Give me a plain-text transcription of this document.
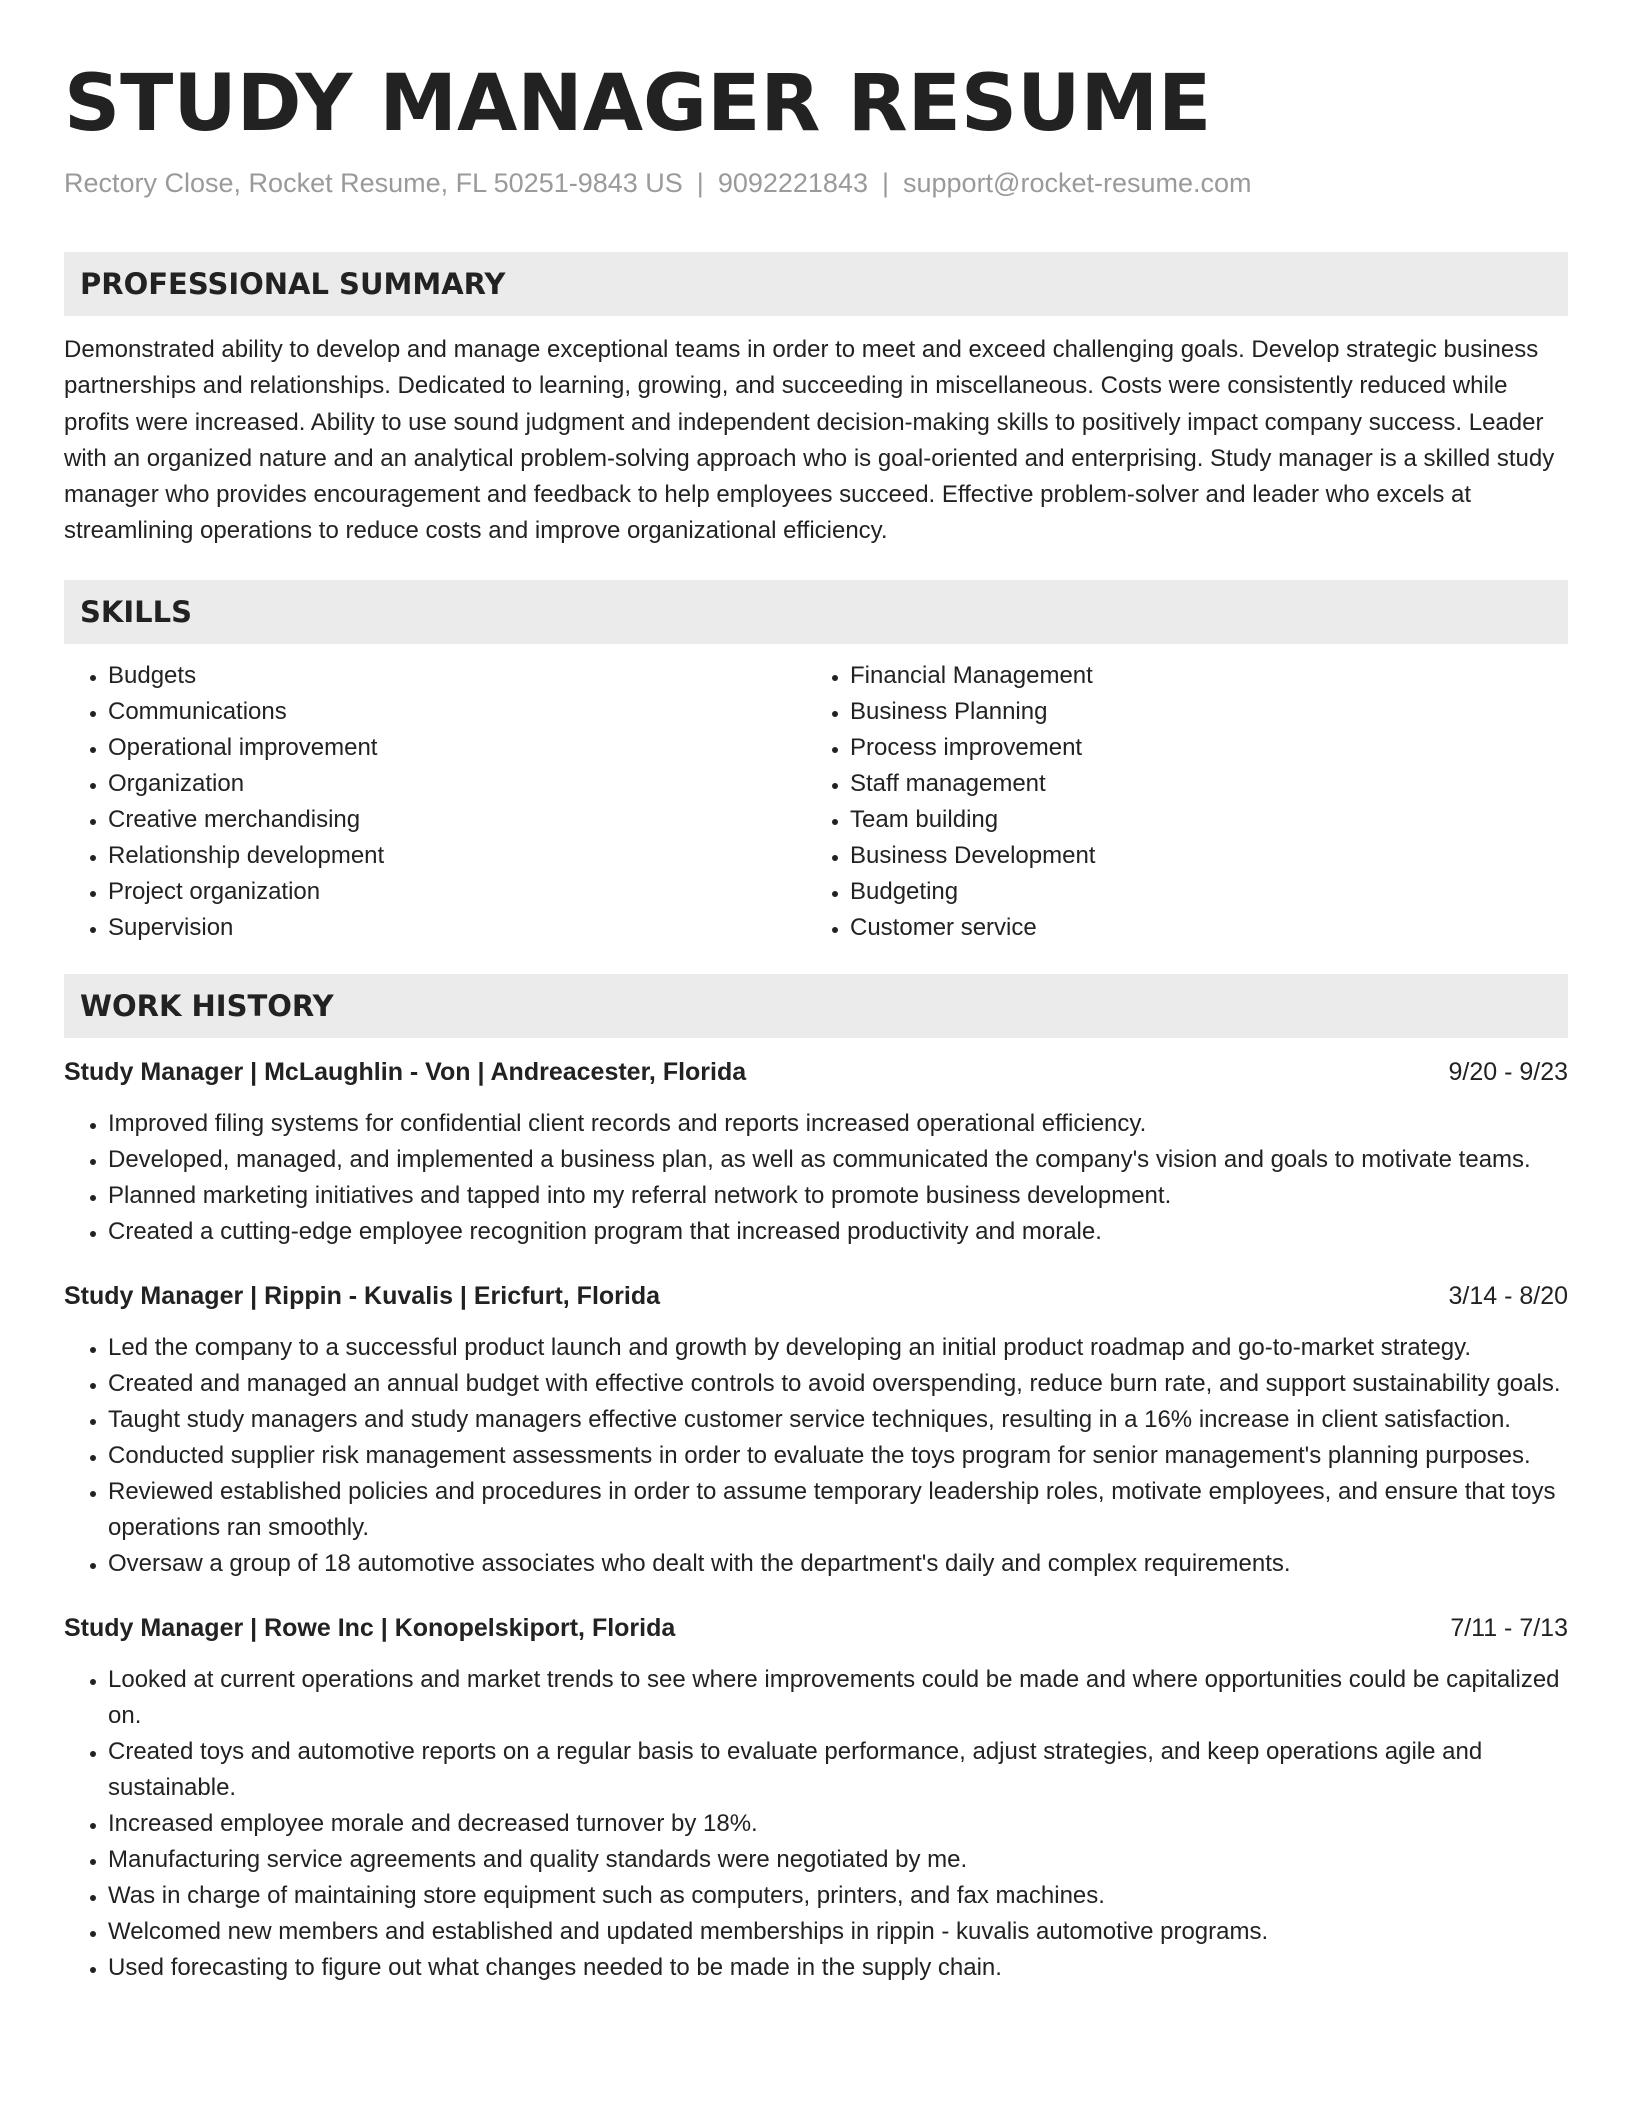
STUDY MANAGER RESUME
Rectory Close, Rocket Resume, FL 50251-9843 US | 9092221843 | support@rocket-resume.com
PROFESSIONAL SUMMARY
Demonstrated ability to develop and manage exceptional teams in order to meet and exceed challenging goals. Develop strategic business partnerships and relationships. Dedicated to learning, growing, and succeeding in miscellaneous. Costs were consistently reduced while profits were increased. Ability to use sound judgment and independent decision-making skills to positively impact company success. Leader with an organized nature and an analytical problem-solving approach who is goal-oriented and enterprising. Study manager is a skilled study manager who provides encouragement and feedback to help employees succeed. Effective problem-solver and leader who excels at streamlining operations to reduce costs and improve organizational efficiency.
SKILLS
• Budgets
• Communications
• Operational improvement
• Organization
• Creative merchandising
• Relationship development
• Project organization
• Supervision
• Financial Management
• Business Planning
• Process improvement
• Staff management
• Team building
• Business Development
• Budgeting
• Customer service
WORK HISTORY
Study Manager | McLaughlin - Von | Andreacester, Florida	9/20 - 9/23
• Improved filing systems for confidential client records and reports increased operational efficiency.
• Developed, managed, and implemented a business plan, as well as communicated the company's vision and goals to motivate teams.
• Planned marketing initiatives and tapped into my referral network to promote business development.
• Created a cutting-edge employee recognition program that increased productivity and morale.
Study Manager | Rippin - Kuvalis | Ericfurt, Florida	3/14 - 8/20
• Led the company to a successful product launch and growth by developing an initial product roadmap and go-to-market strategy.
• Created and managed an annual budget with effective controls to avoid overspending, reduce burn rate, and support sustainability goals.
• Taught study managers and study managers effective customer service techniques, resulting in a 16% increase in client satisfaction.
• Conducted supplier risk management assessments in order to evaluate the toys program for senior management's planning purposes.
• Reviewed established policies and procedures in order to assume temporary leadership roles, motivate employees, and ensure that toys operations ran smoothly.
• Oversaw a group of 18 automotive associates who dealt with the department's daily and complex requirements.
Study Manager | Rowe Inc | Konopelskiport, Florida	7/11 - 7/13
• Looked at current operations and market trends to see where improvements could be made and where opportunities could be capitalized on.
• Created toys and automotive reports on a regular basis to evaluate performance, adjust strategies, and keep operations agile and sustainable.
• Increased employee morale and decreased turnover by 18%.
• Manufacturing service agreements and quality standards were negotiated by me.
• Was in charge of maintaining store equipment such as computers, printers, and fax machines.
• Welcomed new members and established and updated memberships in rippin - kuvalis automotive programs.
• Used forecasting to figure out what changes needed to be made in the supply chain.
